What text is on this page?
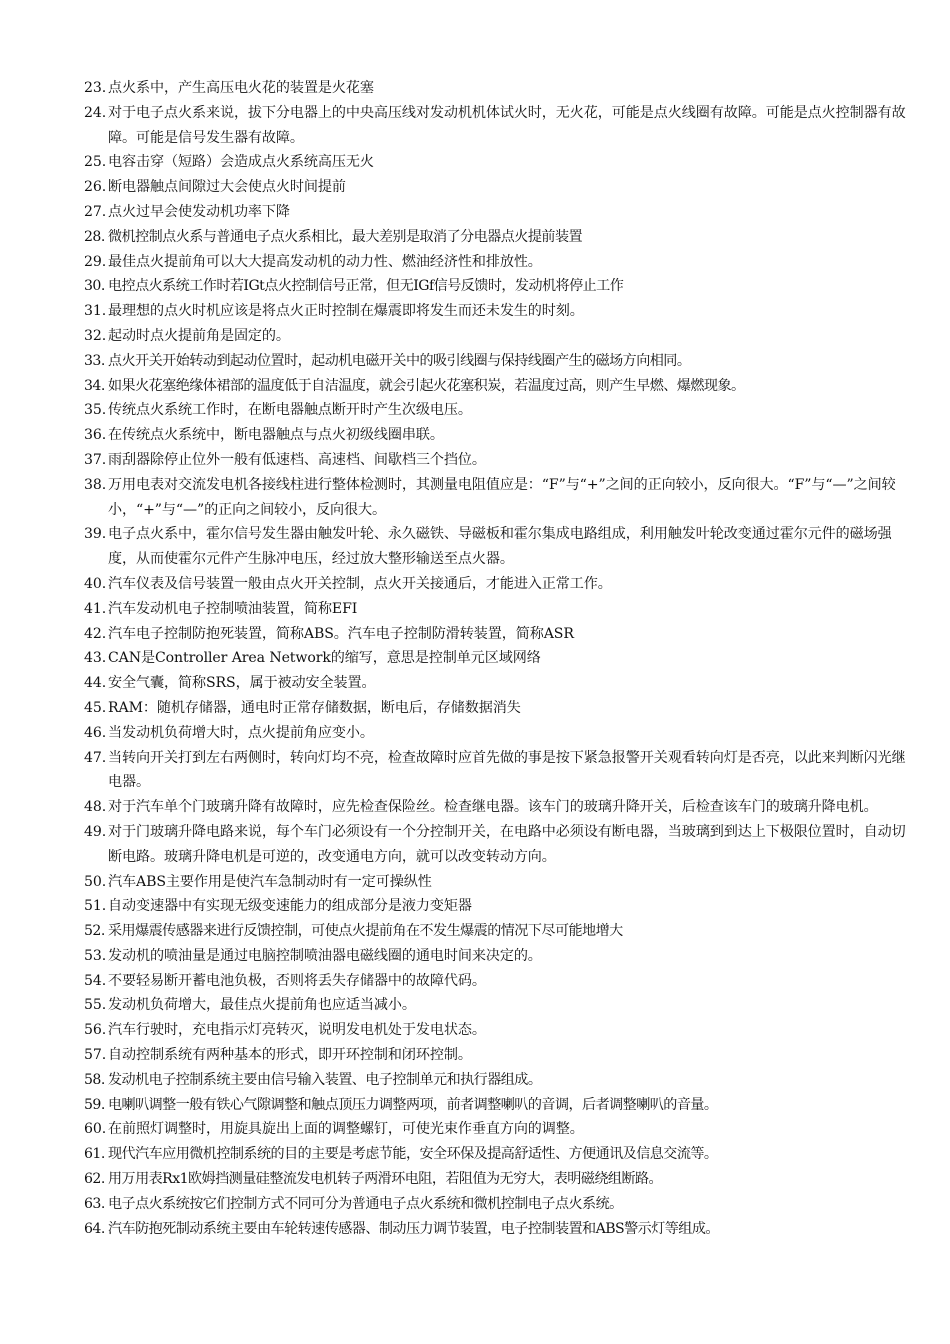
23. 点火系中，产生高压电火花的装置是火花塞
24. 对于电子点火系来说，拔下分电器上的中央高压线对发动机机体试火时，无火花，可能是点火线圈有故障。可能是点火控制器有故障。可能是信号发生器有故障。
25. 电容击穿（短路）会造成点火系统高压无火
26. 断电器触点间隙过大会使点火时间提前
27. 点火过早会使发动机功率下降
28. 微机控制点火系与普通电子点火系相比，最大差别是取消了分电器点火提前装置
29. 最佳点火提前角可以大大提高发动机的动力性、燃油经济性和排放性。
30. 电控点火系统工作时若IGt点火控制信号正常，但无IGf信号反馈时，发动机将停止工作
31. 最理想的点火时机应该是将点火正时控制在爆震即将发生而还未发生的时刻。
32. 起动时点火提前角是固定的。
33. 点火开关开始转动到起动位置时，起动机电磁开关中的吸引线圈与保持线圈产生的磁场方向相同。
34. 如果火花塞绝缘体裙部的温度低于自洁温度，就会引起火花塞积炭，若温度过高，则产生早燃、爆燃现象。
35. 传统点火系统工作时，在断电器触点断开时产生次级电压。
36. 在传统点火系统中，断电器触点与点火初级线圈串联。
37. 雨刮器除停止位外一般有低速档、高速档、间歇档三个挡位。
38. 万用电表对交流发电机各接线柱进行整体检测时，其测量电阻值应是：“F”与“+”之间的正向较小，反向很大。“F”与“—”之间较小，“+”与“—”的正向之间较小，反向很大。
39. 电子点火系中，霍尔信号发生器由触发叶轮、永久磁铁、导磁板和霍尔集成电路组成，利用触发叶轮改变通过霍尔元件的磁场强度，从而使霍尔元件产生脉冲电压，经过放大整形输送至点火器。
40. 汽车仪表及信号装置一般由点火开关控制，点火开关接通后，才能进入正常工作。
41. 汽车发动机电子控制喷油装置，简称EFI
42. 汽车电子控制防抱死装置，简称ABS。汽车电子控制防滑转装置，简称ASR
43. CAN是Controller Area Network的缩写，意思是控制单元区域网络
44. 安全气囊，简称SRS，属于被动安全装置。
45. RAM：随机存储器，通电时正常存储数据，断电后，存储数据消失
46. 当发动机负荷增大时，点火提前角应变小。
47. 当转向开关打到左右两侧时，转向灯均不亮，检查故障时应首先做的事是按下紧急报警开关观看转向灯是否亮，以此来判断闪光继电器。
48. 对于汽车单个门玻璃升降有故障时，应先检查保险丝。检查继电器。该车门的玻璃升降开关，后检查该车门的玻璃升降电机。
49. 对于门玻璃升降电路来说，每个车门必须设有一个分控制开关，在电路中必须设有断电器，当玻璃到到达上下极限位置时，自动切断电路。玻璃升降电机是可逆的，改变通电方向，就可以改变转动方向。
50. 汽车ABS主要作用是使汽车急制动时有一定可操纵性
51. 自动变速器中有实现无级变速能力的组成部分是液力变矩器
52. 采用爆震传感器来进行反馈控制，可使点火提前角在不发生爆震的情况下尽可能地增大
53. 发动机的喷油量是通过电脑控制喷油器电磁线圈的通电时间来决定的。
54. 不要轻易断开蓄电池负极，否则将丢失存储器中的故障代码。
55. 发动机负荷增大，最佳点火提前角也应适当减小。
56. 汽车行驶时，充电指示灯亮转灭，说明发电机处于发电状态。
57. 自动控制系统有两种基本的形式，即开环控制和闭环控制。
58. 发动机电子控制系统主要由信号输入装置、电子控制单元和执行器组成。
59. 电喇叭调整一般有铁心气隙调整和触点顶压力调整两项，前者调整喇叭的音调，后者调整喇叭的音量。
60. 在前照灯调整时，用旋具旋出上面的调整螺钉，可使光束作垂直方向的调整。
61. 现代汽车应用微机控制系统的目的主要是考虑节能，安全环保及提高舒适性、方便通讯及信息交流等。
62. 用万用表Rx1欧姆挡测量硅整流发电机转子两滑环电阻，若阻值为无穷大，表明磁绕组断路。
63. 电子点火系统按它们控制方式不同可分为普通电子点火系统和微机控制电子点火系统。
64. 汽车防抱死制动系统主要由车轮转速传感器、制动压力调节装置，电子控制装置和ABS警示灯等组成。
